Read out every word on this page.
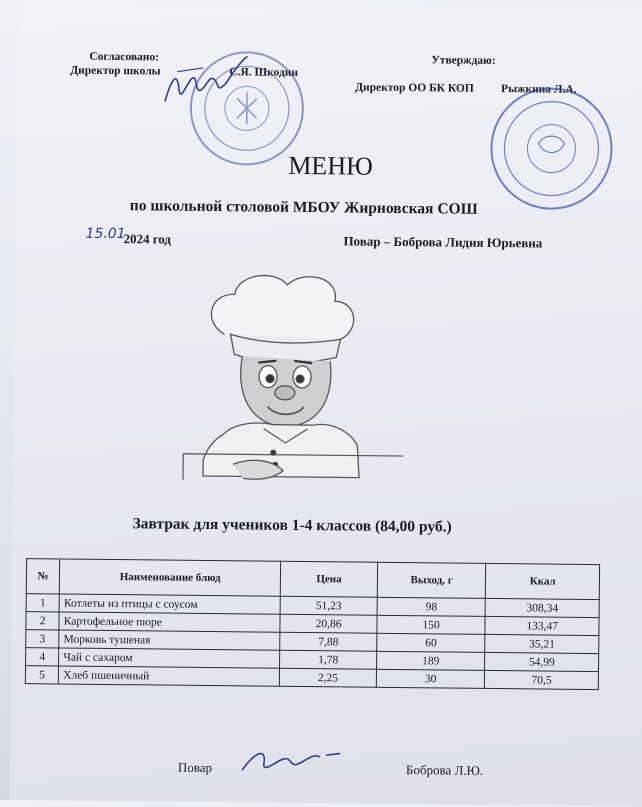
Согласовано:
Директор школы	С.Я. Шкодин
Утверждаю:
Директор ОО БК КОП Рыжкина Л.А.
МЕНЮ
по школьной столовой МБОУ Жирновская СОШ
15.01
2024 год	Повар – Боброва Лидия Юрьевна
Завтрак для учеников 1-4 классов (84,00 руб.)
№	Наименование блюд	Цена	Выход, г	Ккал
1	Котлеты из птицы с соусом	51,23	98	308,34
2	Картофельное пюре	20,86	150	133,47
3	Морковь тушеная	7,88	60	35,21
4	Чай с сахаром	1,78	189	54,99
5	Хлеб пшеничный	2,25	30	70,5
Повар	Боброва Л.Ю.
